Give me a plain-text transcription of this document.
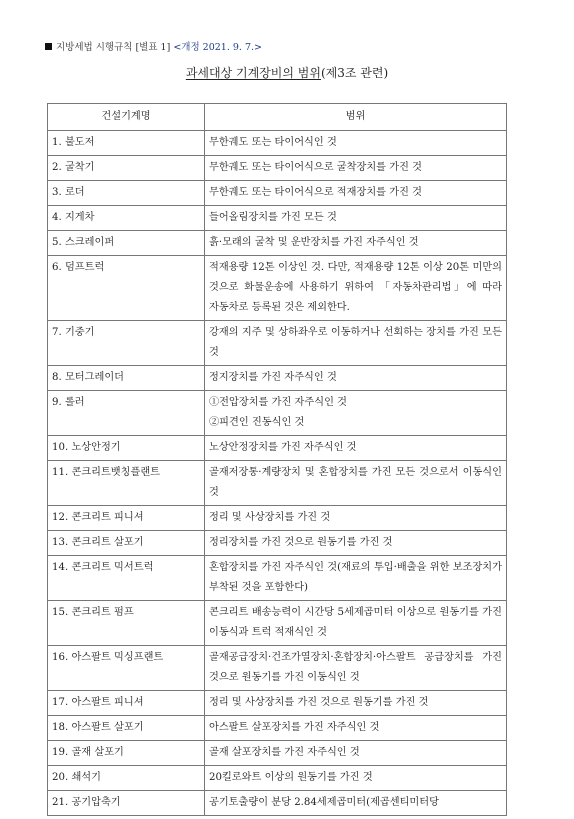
지방세법 시행규칙 [별표 1] <개정 2021. 9. 7.>
과세대상 기계장비의 범위(제3조 관련)
건설기계명	범위
1. 불도저	무한궤도 또는 타이어식인 것

2. 굴착기	무한궤도 또는 타이어식으로 굴착장치를 가진 것

3. 로더	무한궤도 또는 타이어식으로 적재장치를 가진 것

4. 지게차	들어올림장치를 가진 모든 것

5. 스크레이퍼	흙·모래의 굴착 및 운반장치를 가진 자주식인 것

6. 덤프트럭	적재용량 12톤 이상인 것. 다만, 적재용량 12톤 이상 20톤 미만의 것으로 화물운송에 사용하기 위하여 「자동차관리법」에 따라 자동차로 등록된 것은 제외한다.

7. 기중기	강재의 지주 및 상하좌우로 이동하거나 선회하는 장치를 가진 모든 것

8. 모터그레이더	정지장치를 가진 자주식인 것

9. 롤러	①전압장치를 가진 자주식인 것
②피견인 진동식인 것

10. 노상안정기	노상안정장치를 가진 자주식인 것

11. 콘크리트뱃칭플랜트	골재저장통·계량장치 및 혼합장치를 가진 모든 것으로서 이동식인 것

12. 콘크리트 피니셔	정리 및 사상장치를 가진 것

13. 콘크리트 살포기	정리장치를 가진 것으로 원동기를 가진 것

14. 콘크리트 믹서트럭	혼합장치를 가진 자주식인 것(재료의 투입·배출을 위한 보조장치가 부착된 것을 포함한다)

15. 콘크리트 펌프	콘크리트 배송능력이 시간당 5세제곱미터 이상으로 원동기를 가진 이동식과 트럭 적재식인 것

16. 아스팔트 믹싱프랜트	골재공급장치·건조가열장치·혼합장치·아스팔트 공급장치를 가진 것으로 원동기를 가진 이동식인 것

17. 아스팔트 피니셔	정리 및 사상장치를 가진 것으로 원동기를 가진 것

18. 아스팔트 살포기	아스팔트 살포장치를 가진 자주식인 것

19. 골재 살포기	골재 살포장치를 가진 자주식인 것

20. 쇄석기	20킬로와트 이상의 원동기를 가진 것

21. 공기압축기	공기토출량이 분당 2.84세제곱미터(제곱센티미터당
